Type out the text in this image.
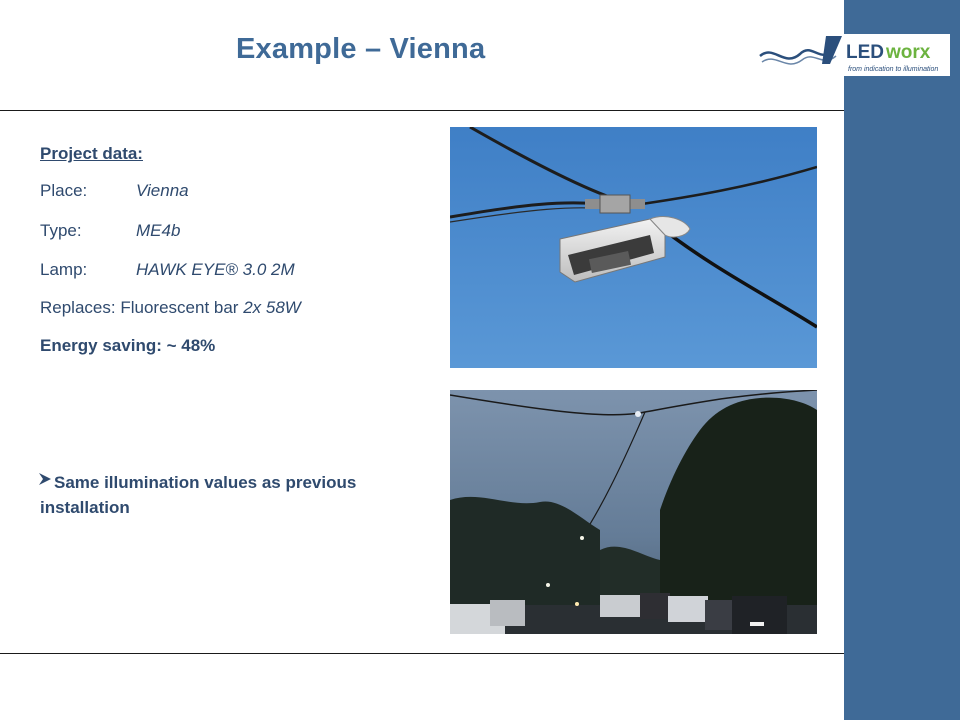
Example – Vienna	LED worx
from indication to illumination
Project data:
Place:	Vienna
Type:	ME4b
Lamp:	HAWK EYE® 3.0 2M
Replaces: Fluorescent bar 2x 58W
Energy saving: ~ 48%
Same illumination values as previous installation
